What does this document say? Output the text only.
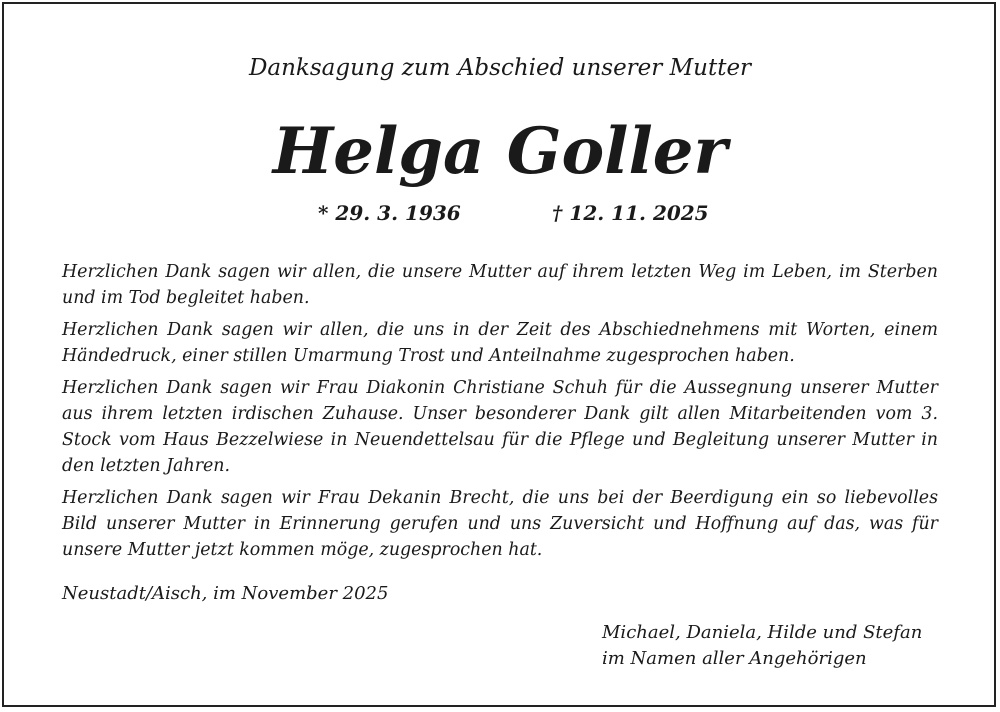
Danksagung zum Abschied unserer Mutter
Helga Goller
* 29. 3. 1936	† 12. 11. 2025

Herzlichen Dank sagen wir allen, die unsere Mutter auf ihrem letzten Weg im Leben, im Sterben und im Tod begleitet haben.

Herzlichen Dank sagen wir allen, die uns in der Zeit des Abschiednehmens mit Worten, einem Händedruck, einer stillen Umarmung Trost und Anteilnahme zugesprochen haben.

Herzlichen Dank sagen wir Frau Diakonin Christiane Schuh für die Aussegnung unserer Mutter aus ihrem letzten irdischen Zuhause. Unser besonderer Dank gilt allen Mitarbeitenden vom 3. Stock vom Haus Bezzelwiese in Neuendettelsau für die Pflege und Begleitung unserer Mutter in den letzten Jahren.

Herzlichen Dank sagen wir Frau Dekanin Brecht, die uns bei der Beerdigung ein so liebevolles Bild unserer Mutter in Erinnerung gerufen und uns Zuversicht und Hoffnung auf das, was für unsere Mutter jetzt kommen möge, zugesprochen hat.

Neustadt/Aisch, im November 2025
Michael, Daniela, Hilde und Stefan
im Namen aller Angehörigen
